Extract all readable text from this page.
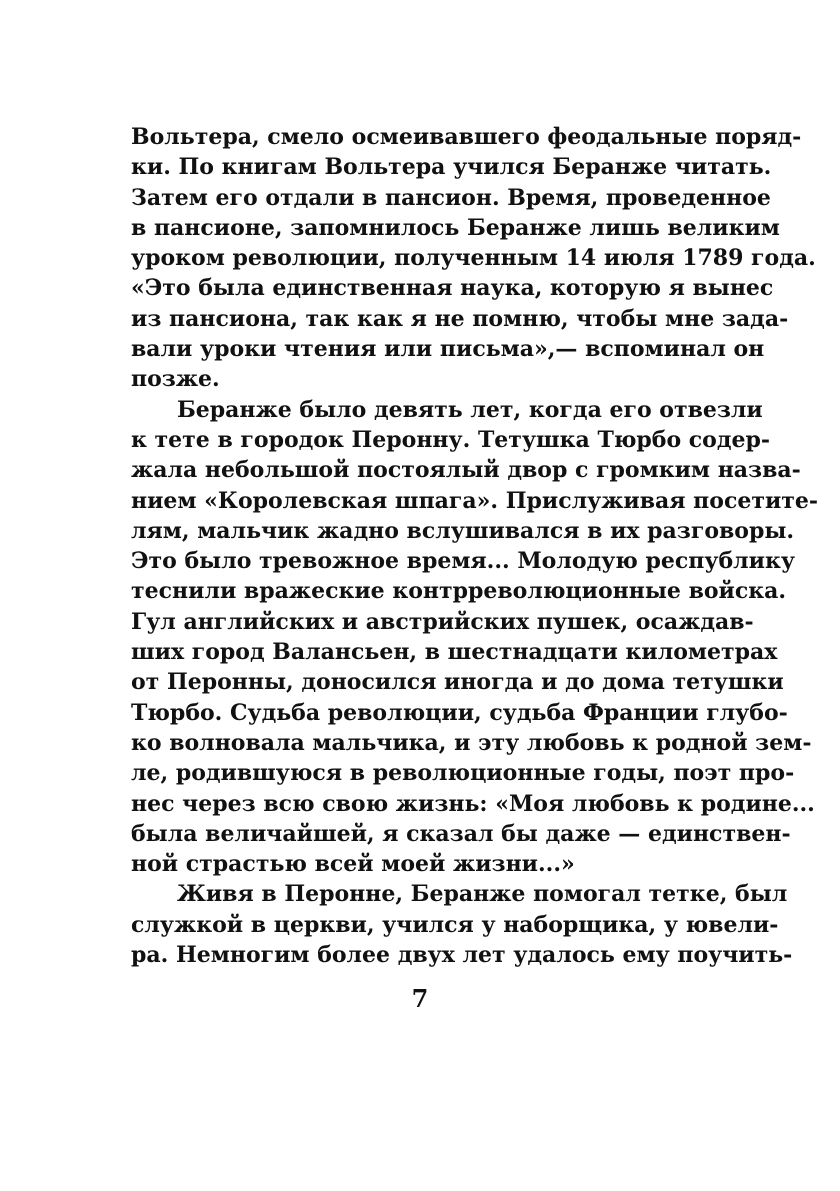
Вольтера, смело осмеивавшего феодальные поряд-
ки. По книгам Вольтера учился Беранже читать.
Затем его отдали в пансион. Время, проведенное
в пансионе, запомнилось Беранже лишь великим
уроком революции, полученным 14 июля 1789 года.
«Это была единственная наука, которую я вынес
из пансиона, так как я не помню, чтобы мне зада-
вали уроки чтения или письма»,— вспоминал он
позже.
Беранже было девять лет, когда его отвезли
к тете в городок Перонну. Тетушка Тюрбо содер-
жала небольшой постоялый двор с громким назва-
нием «Королевская шпага». Прислуживая посетите-
лям, мальчик жадно вслушивался в их разговоры.
Это было тревожное время... Молодую республику
теснили вражеские контрреволюционные войска.
Гул английских и австрийских пушек, осаждав-
ших город Валансьен, в шестнадцати километрах
от Перонны, доносился иногда и до дома тетушки
Тюрбо. Судьба революции, судьба Франции глубо-
ко волновала мальчика, и эту любовь к родной зем-
ле, родившуюся в революционные годы, поэт про-
нес через всю свою жизнь: «Моя любовь к родине...
была величайшей, я сказал бы даже — единствен-
ной страстью всей моей жизни...»
Живя в Перонне, Беранже помогал тетке, был
служкой в церкви, учился у наборщика, у ювели-
ра. Немногим более двух лет удалось ему поучить-
7
